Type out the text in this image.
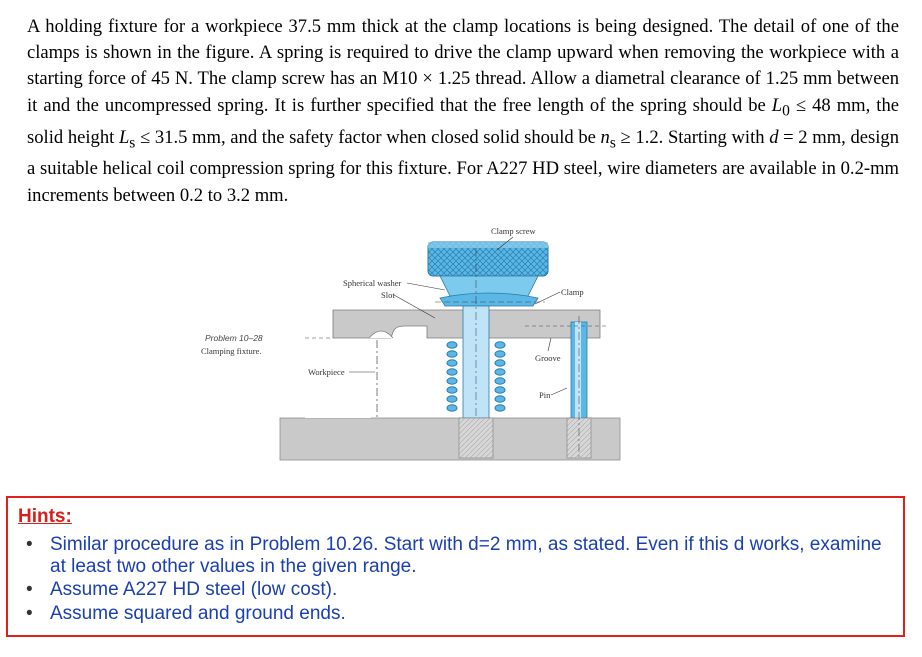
A holding fixture for a workpiece 37.5 mm thick at the clamp locations is being designed. The detail of one of the clamps is shown in the figure. A spring is required to drive the clamp upward when removing the workpiece with a starting force of 45 N. The clamp screw has an M10 × 1.25 thread. Allow a diametral clearance of 1.25 mm between it and the uncompressed spring. It is further specified that the free length of the spring should be $L_0 \le 48$ mm, the solid height $L_s \le 31.5$ mm, and the safety factor when closed solid should be $n_s \ge 1.2$. Starting with d = 2 mm, design a suitable helical coil compression spring for this fixture. For A227 HD steel, wire diameters are available in 0.2-mm increments between 0.2 to 3.2 mm.
Problem 10–28
Clamping fixture.
Clamp screw
Spherical washer
Slot	Clamp
Workpiece
Groove
Pin
Hints:
• Similar procedure as in Problem 10.26. Start with d=2 mm, as stated. Even if this d works, examine at least two other values in the given range.
• Assume A227 HD steel (low cost).
• Assume squared and ground ends.
